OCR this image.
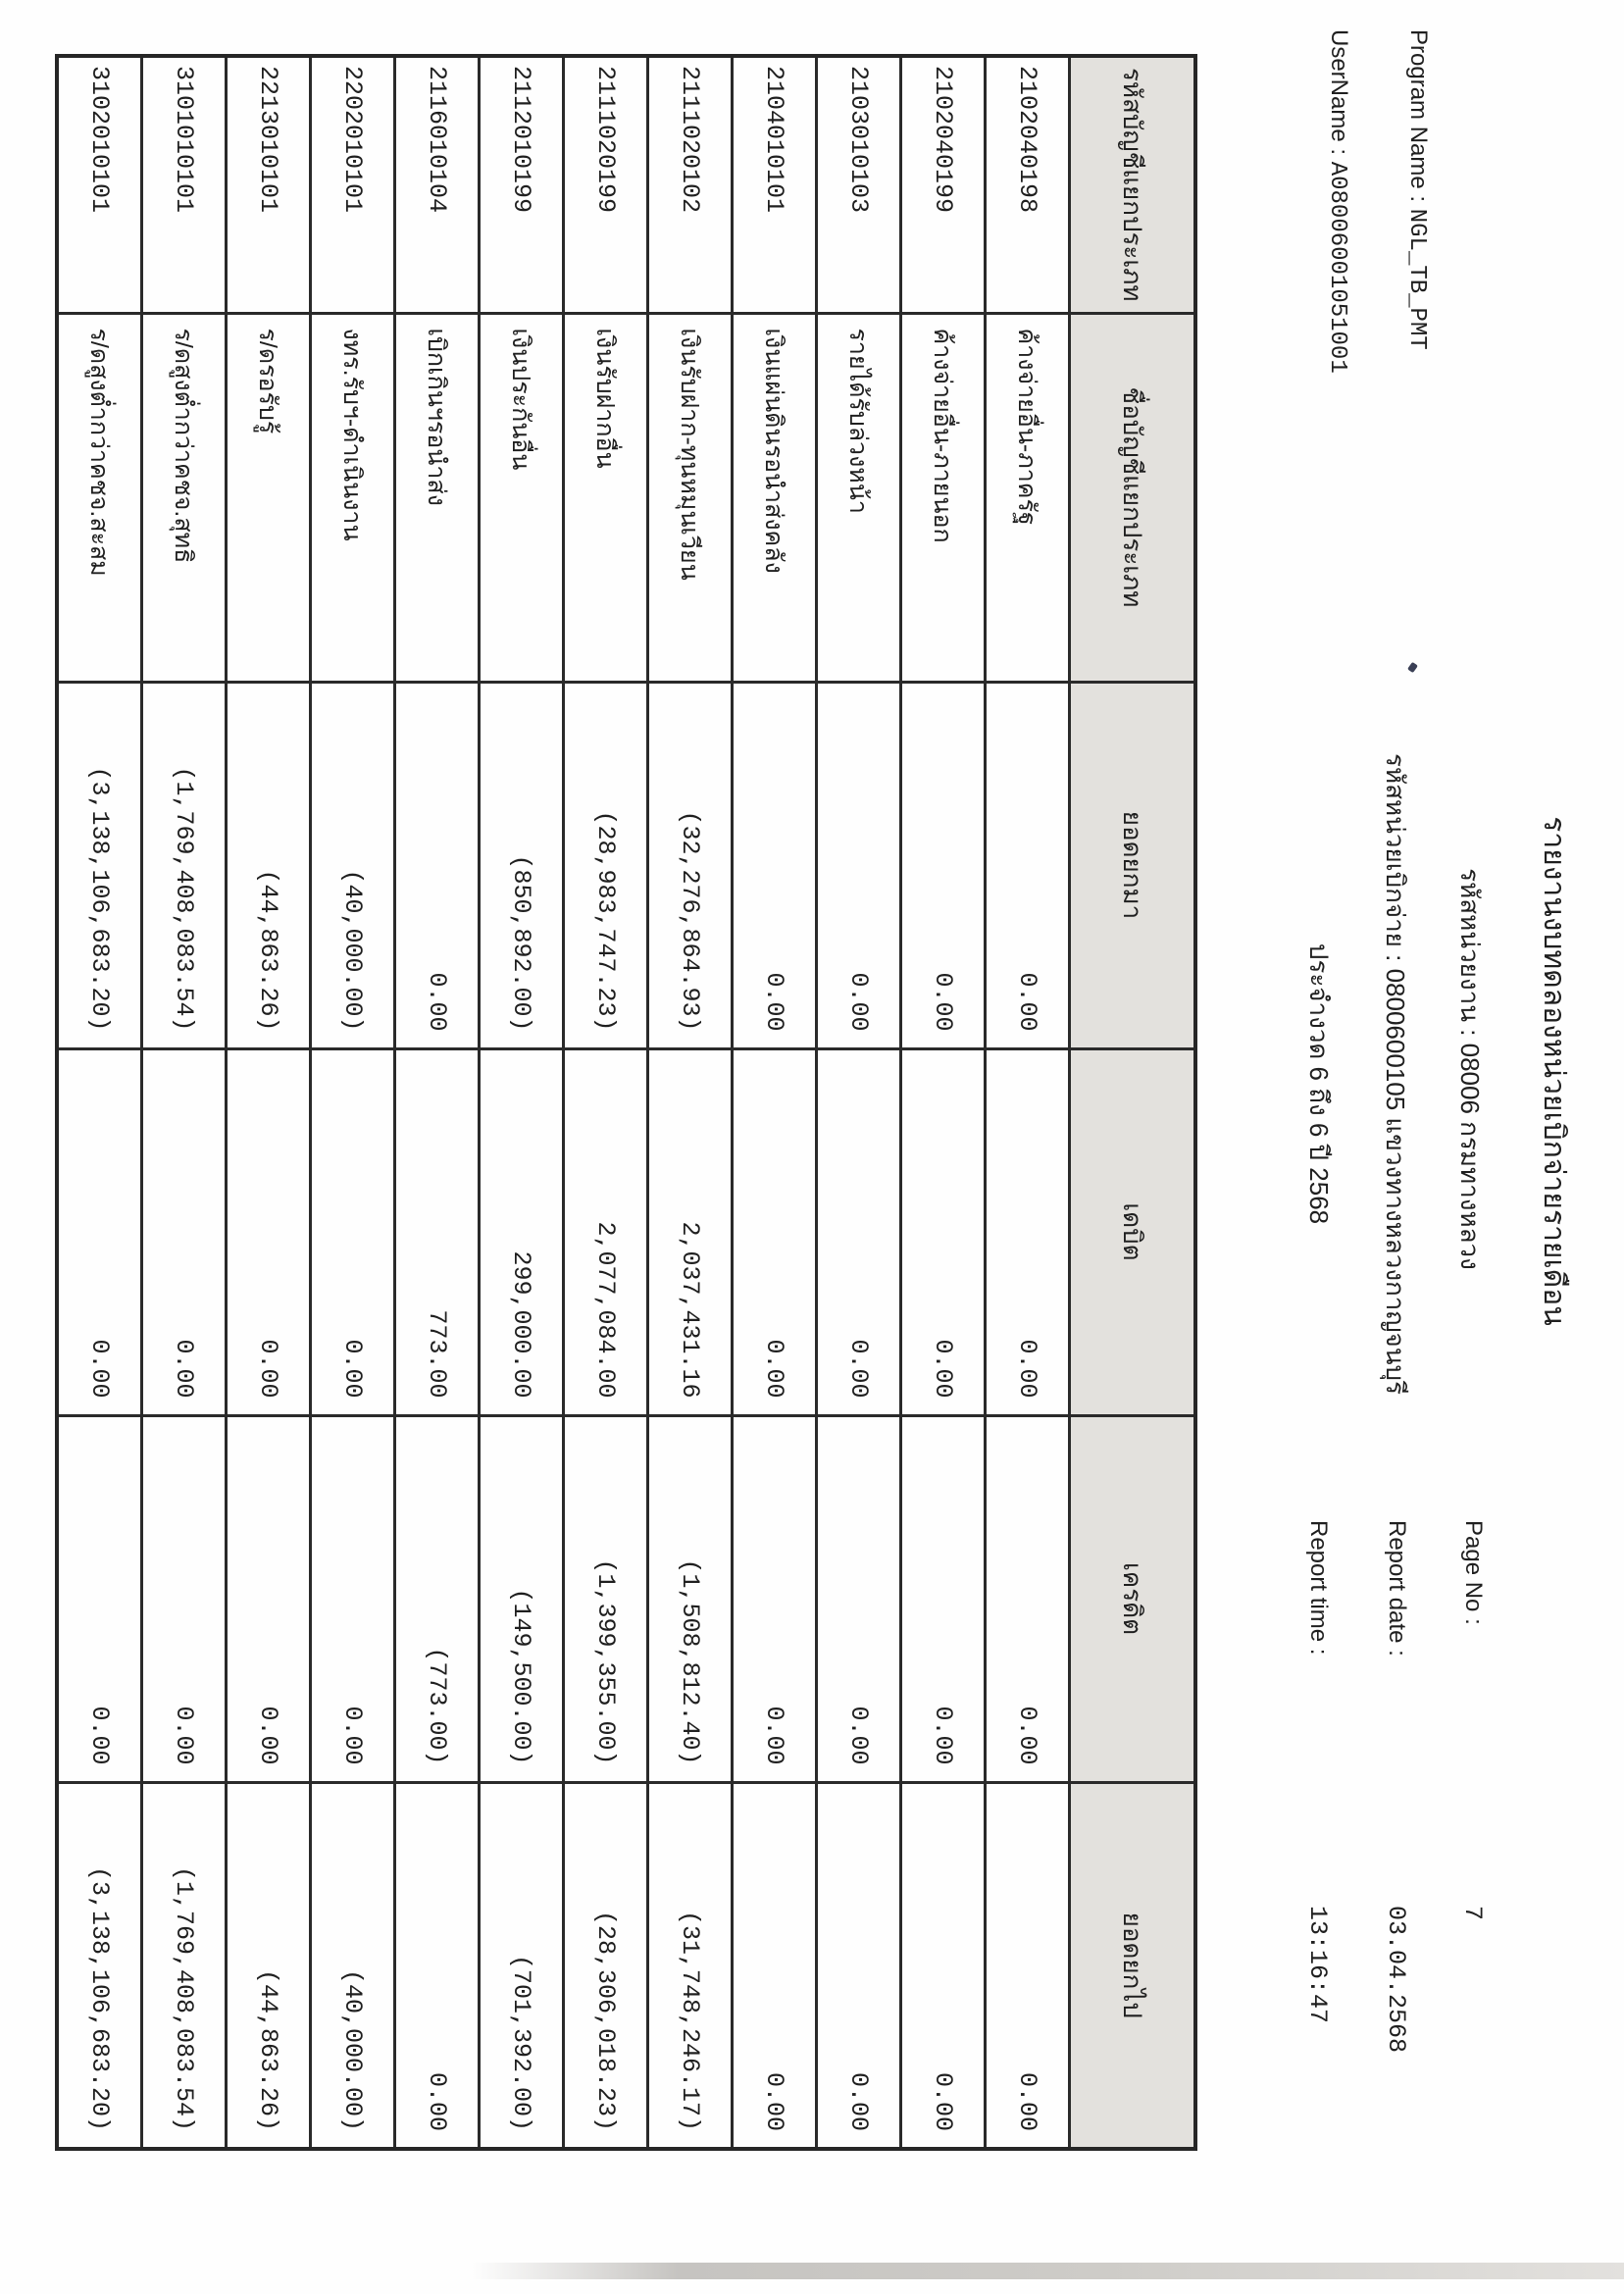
รายงานงบทดลองหน่วยเบิกจ่ายรายเดือน
รหัสหน่วยงาน : 08006 กรมทางหลวง
รหัสหน่วยเบิกจ่าย : 0800600105 แขวงทางหลวงกาญจนบุรี
ประจำงวด 6 ถึง 6 ปี 2568
Program Name : NGL_TB_PMT
UserName : A08006001051001
Page No :
7
Report date :
03.04.2568
Report time :
13:16:47
รหัสบัญชีแยกประเภท	ชื่อบัญชีแยกประเภท	ยอดยกมา	เดบิต	เครดิต	ยอดยกไป
2102040198	ค้างจ่ายอื่น-ภาครัฐ	0.00	0.00	0.00	0.00
2102040199	ค้างจ่ายอื่น-ภายนอก	0.00	0.00	0.00	0.00
2103010103	รายได้รับล่วงหน้า	0.00	0.00	0.00	0.00
2104010101	เงินแผ่นดินรอนำส่งคลัง	0.00	0.00	0.00	0.00
2111020102	เงินรับฝาก-ทุนหมุนเวียน	(32,276,864.93)	2,037,431.16	(1,508,812.40)	(31,748,246.17)
2111020199	เงินรับฝากอื่น	(28,983,747.23)	2,077,084.00	(1,399,355.00)	(28,306,018.23)
2112010199	เงินประกันอื่น	(850,892.00)	299,000.00	(149,500.00)	(701,392.00)
2116010104	เบิกเกินฯรอนำส่ง	0.00	773.00	(773.00)	0.00
2202010101	งทร.รับฯ-ดำเนินงาน	(40,000.00)	0.00	0.00	(40,000.00)
2213010101	ร/ดรอรับรู้	(44,863.26)	0.00	0.00	(44,863.26)
3101010101	ร/ดสูงต่ำกว่าคชจ.สุทธิ	(1,769,408,083.54)	0.00	0.00	(1,769,408,083.54)
3102010101	ร/ดสูงต่ำกว่าคชจ.สะสม	(3,138,106,683.20)	0.00	0.00	(3,138,106,683.20)
